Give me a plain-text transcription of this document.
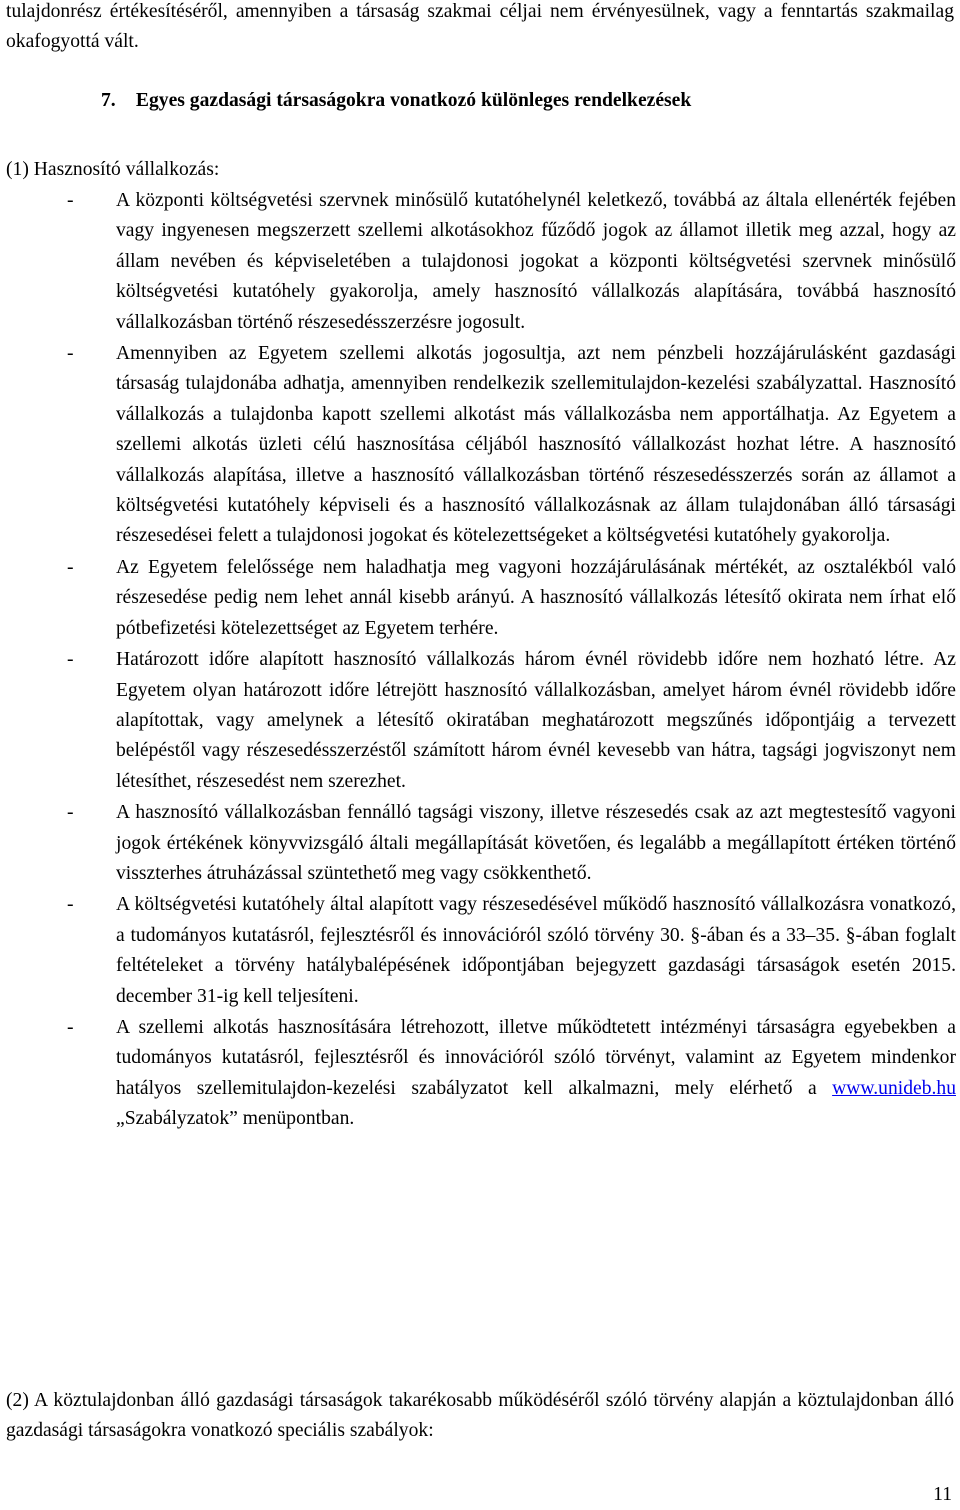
tulajdonrész értékesítéséről, amennyiben a társaság szakmai céljai nem érvényesülnek, vagy a fenntartás szakmailag okafogyottá vált.

7. Egyes gazdasági társaságokra vonatkozó különleges rendelkezések
(1) Hasznosító vállalkozás:
-	A központi költségvetési szervnek minősülő kutatóhelynél keletkező, továbbá az általa ellenérték fejében vagy ingyenesen megszerzett szellemi alkotásokhoz fűződő jogok az államot illetik meg azzal, hogy az állam nevében és képviseletében a tulajdonosi jogokat a központi költségvetési szervnek minősülő költségvetési kutatóhely gyakorolja, amely hasznosító vállalkozás alapítására, továbbá hasznosító vállalkozásban történő részesedésszerzésre jogosult.
-	Amennyiben az Egyetem szellemi alkotás jogosultja, azt nem pénzbeli hozzájárulásként gazdasági társaság tulajdonába adhatja, amennyiben rendelkezik szellemitulajdon-kezelési szabályzattal. Hasznosító vállalkozás a tulajdonba kapott szellemi alkotást más vállalkozásba nem apportálhatja. Az Egyetem a szellemi alkotás üzleti célú hasznosítása céljából hasznosító vállalkozást hozhat létre. A hasznosító vállalkozás alapítása, illetve a hasznosító vállalkozásban történő részesedésszerzés során az államot a költségvetési kutatóhely képviseli és a hasznosító vállalkozásnak az állam tulajdonában álló társasági részesedései felett a tulajdonosi jogokat és kötelezettségeket a költségvetési kutatóhely gyakorolja.
-	Az Egyetem felelőssége nem haladhatja meg vagyoni hozzájárulásának mértékét, az osztalékból való részesedése pedig nem lehet annál kisebb arányú. A hasznosító vállalkozás létesítő okirata nem írhat elő pótbefizetési kötelezettséget az Egyetem terhére.
-	Határozott időre alapított hasznosító vállalkozás három évnél rövidebb időre nem hozható létre. Az Egyetem olyan határozott időre létrejött hasznosító vállalkozásban, amelyet három évnél rövidebb időre alapítottak, vagy amelynek a létesítő okiratában meghatározott megszűnés időpontjáig a tervezett belépéstől vagy részesedésszerzéstől számított három évnél kevesebb van hátra, tagsági jogviszonyt nem létesíthet, részesedést nem szerezhet.
-	A hasznosító vállalkozásban fennálló tagsági viszony, illetve részesedés csak az azt megtestesítő vagyoni jogok értékének könyvvizsgáló általi megállapítását követően, és legalább a megállapított értéken történő visszterhes átruházással szüntethető meg vagy csökkenthető.
-	A költségvetési kutatóhely által alapított vagy részesedésével működő hasznosító vállalkozásra vonatkozó, a tudományos kutatásról, fejlesztésről és innovációról szóló törvény 30. §-ában és a 33–35. §-ában foglalt feltételeket a törvény hatálybalépésének időpontjában bejegyzett gazdasági társaságok esetén 2015. december 31-ig kell teljesíteni.
-	A szellemi alkotás hasznosítására létrehozott, illetve működtetett intézményi társaságra egyebekben a tudományos kutatásról, fejlesztésről és innovációról szóló törvényt, valamint az Egyetem mindenkor hatályos szellemitulajdon-kezelési szabályzatot kell alkalmazni, mely elérhető a www.unideb.hu „Szabályzatok” menüpontban.

(2) A köztulajdonban álló gazdasági társaságok takarékosabb működéséről szóló törvény alapján a köztulajdonban álló gazdasági társaságokra vonatkozó speciális szabályok:

11
